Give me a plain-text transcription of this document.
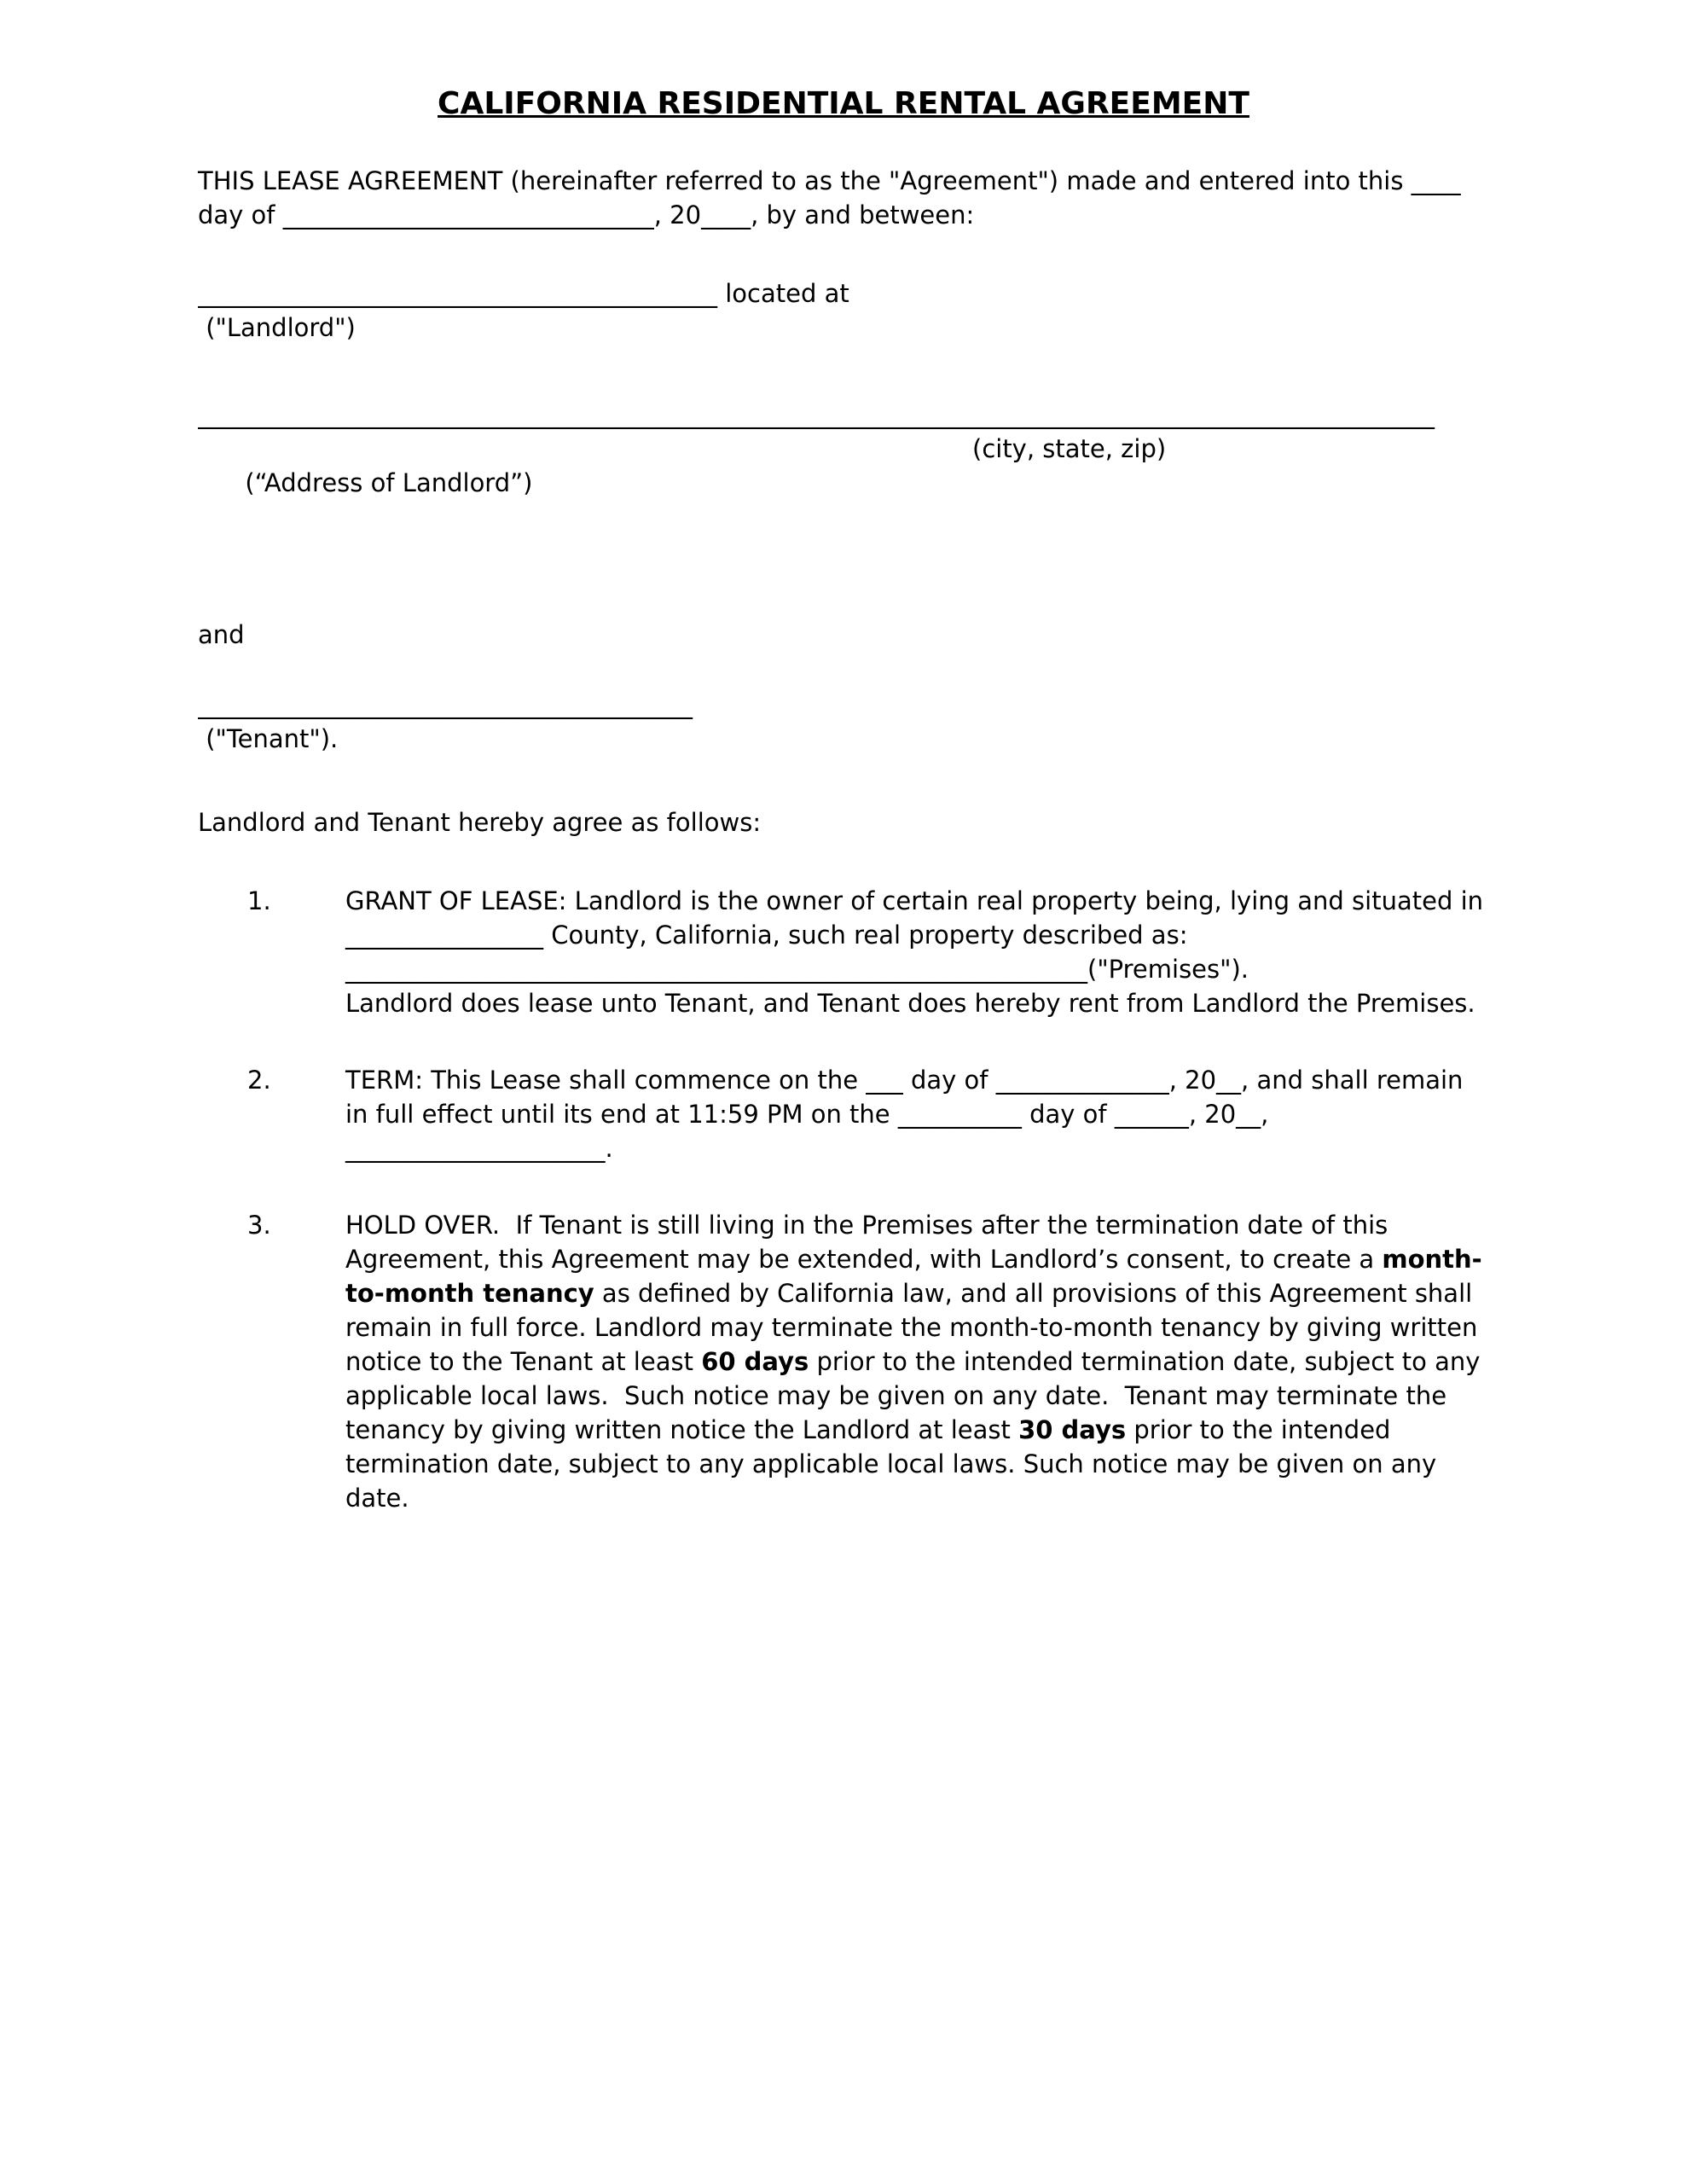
CALIFORNIA RESIDENTIAL RENTAL AGREEMENT
THIS LEASE AGREEMENT (hereinafter referred to as the "Agreement") made and entered into this ____ day of ______________________________, 20____, by and between:
__________________________________________ located at
("Landlord")
____________________________________________________________________________________________________

(“Address of Landlord”)

(city, state, zip)

and
________________________________________
("Tenant").
Landlord and Tenant hereby agree as follows:
1.	GRANT OF LEASE: Landlord is the owner of certain real property being, lying and situated in ________________ County, California, such real property described as:
____________________________________________________________("Premises").
Landlord does lease unto Tenant, and Tenant does hereby rent from Landlord the Premises.
2.	TERM: This Lease shall commence on the ___ day of ______________, 20__, and shall remain in full effect until its end at 11:59 PM on the __________ day of ______, 20__, _____________________.
3.	HOLD OVER.  If Tenant is still living in the Premises after the termination date of this Agreement, this Agreement may be extended, with Landlord’s consent, to create a month-to-month tenancy as defined by California law, and all provisions of this Agreement shall remain in full force. Landlord may terminate the month-to-month tenancy by giving written notice to the Tenant at least 60 days prior to the intended termination date, subject to any applicable local laws.  Such notice may be given on any date.  Tenant may terminate the tenancy by giving written notice the Landlord at least 30 days prior to the intended termination date, subject to any applicable local laws. Such notice may be given on any date.
